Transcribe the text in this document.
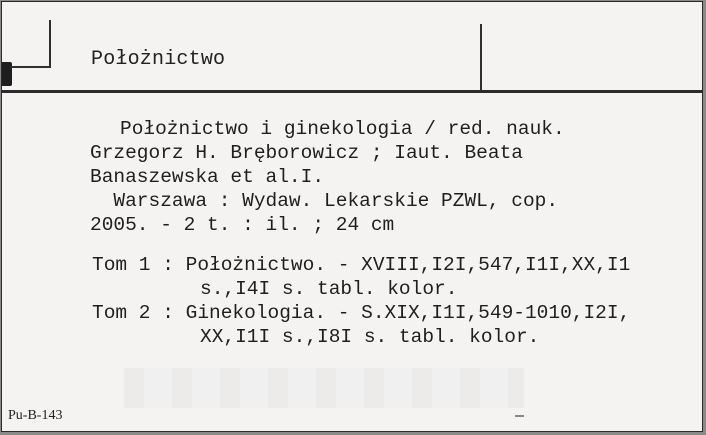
Położnictwo
Położnictwo i ginekologia / red. nauk.
Grzegorz H. Bręborowicz ; Iaut. Beata
Banaszewska et al.I.
Warszawa : Wydaw. Lekarskie PZWL, cop.
2005. - 2 t. : il. ; 24 cm
Tom 1 : Położnictwo. - XVIII,I2I,547,I1I,XX,I1
s.,I4I s. tabl. kolor.
Tom 2 : Ginekologia. - S.XIX,I1I,549-1010,I2I,
XX,I1I s.,I8I s. tabl. kolor.
Pu-B-143
